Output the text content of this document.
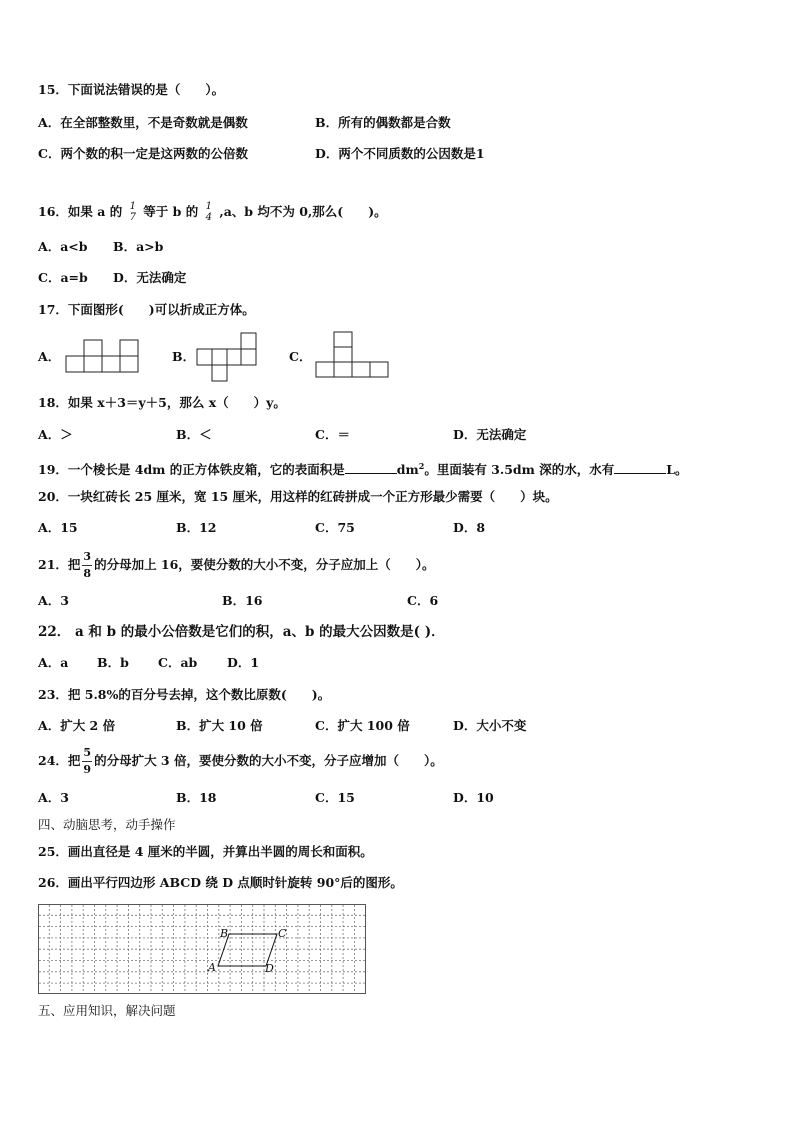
15．下面说法错误的是（　　）。
A．在全部整数里，不是奇数就是偶数	B．所有的偶数都是合数
C．两个数的积一定是这两数的公倍数	D．两个不同质数的公因数是1
16．如果 a 的 1
7 等于 b 的 1
4 ,a、b 均不为 0,那么(　　)。
A．a<b B．a>b
C．a=b D．无法确定
17．下面图形(　　)可以折成正方体。
A．	B．	C．
18．如果 x＋3＝y＋5，那么 x（　　）y。
A．＞	B．＜	C．＝	D．无法确定
19．一个棱长是 4dm 的正方体铁皮箱，它的表面积是	$dm^2$。里面装有 3.5dm 深的水，水有	L。
20．一块红砖长 25 厘米，宽 15 厘米，用这样的红砖拼成一个正方形最少需要（　　）块。
A．15	B．12	C．75	D．8
21．把 $\frac{3}{8}$ 的分母加上 16，要使分数的大小不变，分子应加上（　　）。
A．3	B．16	C．6
22． a 和 b 的最小公倍数是它们的积，a、b 的最大公因数是( )．
A．a B．b C．ab D．1
23．把 5.8%的百分号去掉，这个数比原数(　　)。
A．扩大 2 倍	B．扩大 10 倍	C．扩大 100 倍	D．大小不变
24．把 $\frac{5}{9}$ 的分母扩大 3 倍，要使分数的大小不变，分子应增加（　　）。
A．3	B．18	C．15	D．10
四、动脑思考，动手操作
25．画出直径是 4 厘米的半圆，并算出半圆的周长和面积。
26．画出平行四边形 ABCD 绕 D 点顺时针旋转 90°后的图形。
A
B	C
D
五、应用知识，解决问题
